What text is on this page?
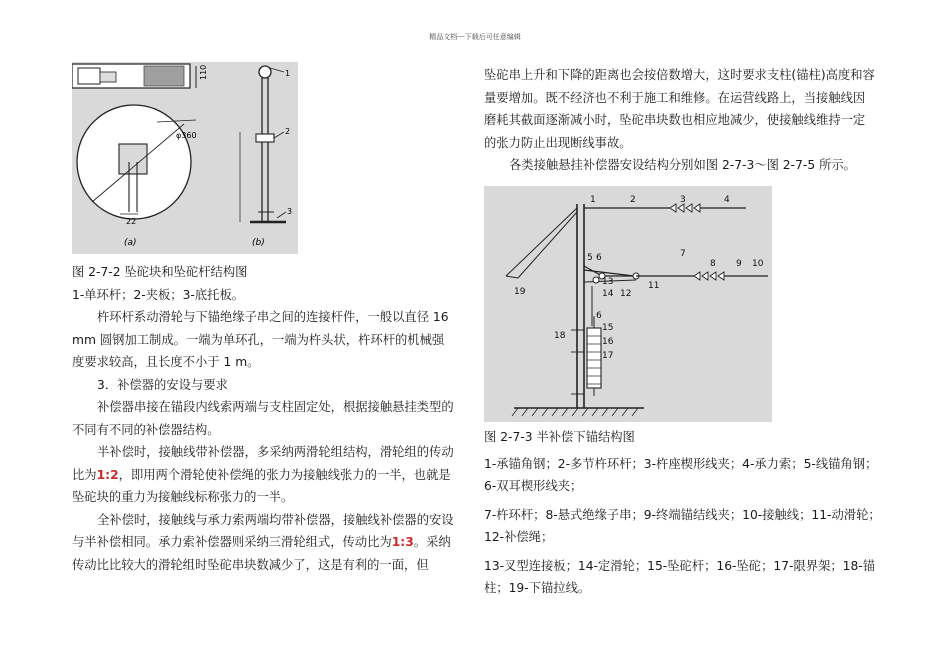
精品文档---下载后可任意编辑
110
φ360
22
(a)
1
2
3
(b)

图 2-7-2 坠砣块和坠砣杆结构图

1-单环杆；2-夹板；3-底托板。

杵环杆系动滑轮与下锚绝缘子串之间的连接杆件，一般以直径 16 mm 圆钢加工制成。一端为单环孔，一端为杵头状，杵环杆的机械强度要求较高，且长度不小于 1 m。

3．补偿器的安设与要求

补偿器串接在锚段内线索两端与支柱固定处，根据接触悬挂类型的不同有不同的补偿器结构。

半补偿时，接触线带补偿器，多采纳两滑轮组结构，滑轮组的传动比为1:2，即用两个滑轮使补偿绳的张力为接触线张力的一半，也就是坠砣块的重力为接触线标称张力的一半。

全补偿时，接触线与承力索两端均带补偿器，接触线补偿器的安设与半补偿相同。承力索补偿器则采纳三滑轮组式，传动比为1:3。采纳传动比比较大的滑轮组时坠砣串块数减少了，这是有利的一面，但

坠砣串上升和下降的距离也会按倍数增大，这时要求支柱(锚柱)高度和容量要增加。既不经济也不利于施工和维修。在运营线路上，当接触线因磨耗其截面逐渐减小时，坠砣串块数也相应地减少，使接触线维持一定的张力防止出现断线事故。

各类接触悬挂补偿器安设结构分别如图 2-7-3～图 2-7-5 所示。

1	2	3	4
5 6	7
8 9 10
11
12
13
14
6
15
16
17
18
19

图 2-7-3 半补偿下锚结构图

1-承锚角钢；2-多节杵环杆；3-杵座楔形线夹；4-承力索；5-线锚角钢；6-双耳楔形线夹；

7-杵环杆；8-悬式绝缘子串；9-终端锚结线夹；10-接触线；11-动滑轮；12-补偿绳；

13-叉型连接板；14-定滑轮；15-坠砣杆；16-坠砣；17-限界架；18-锚柱；19-下锚拉线。
